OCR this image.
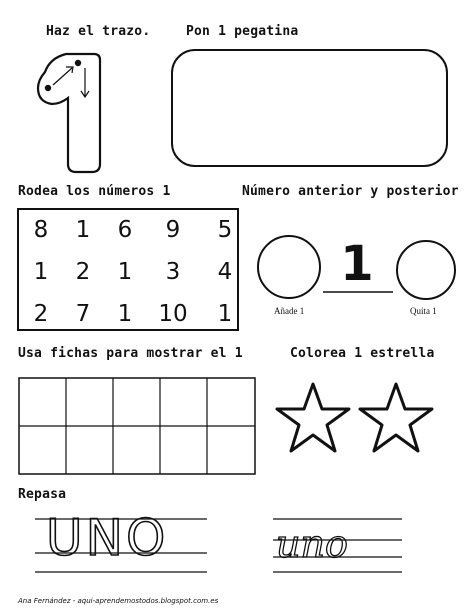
Haz el trazo.	Pon 1 pegatina
Rodea los números 1	Número anterior y posterior
Usa fichas para mostrar el 1	Colorea 1 estrella
Repasa
8 1 6 9 5
1 2 1 3 4
2 7 1 10 1
1
Añade 1	Quita 1
UNO	uno
Ana Fernández - aqui-aprendemostodos.blogspot.com.es
